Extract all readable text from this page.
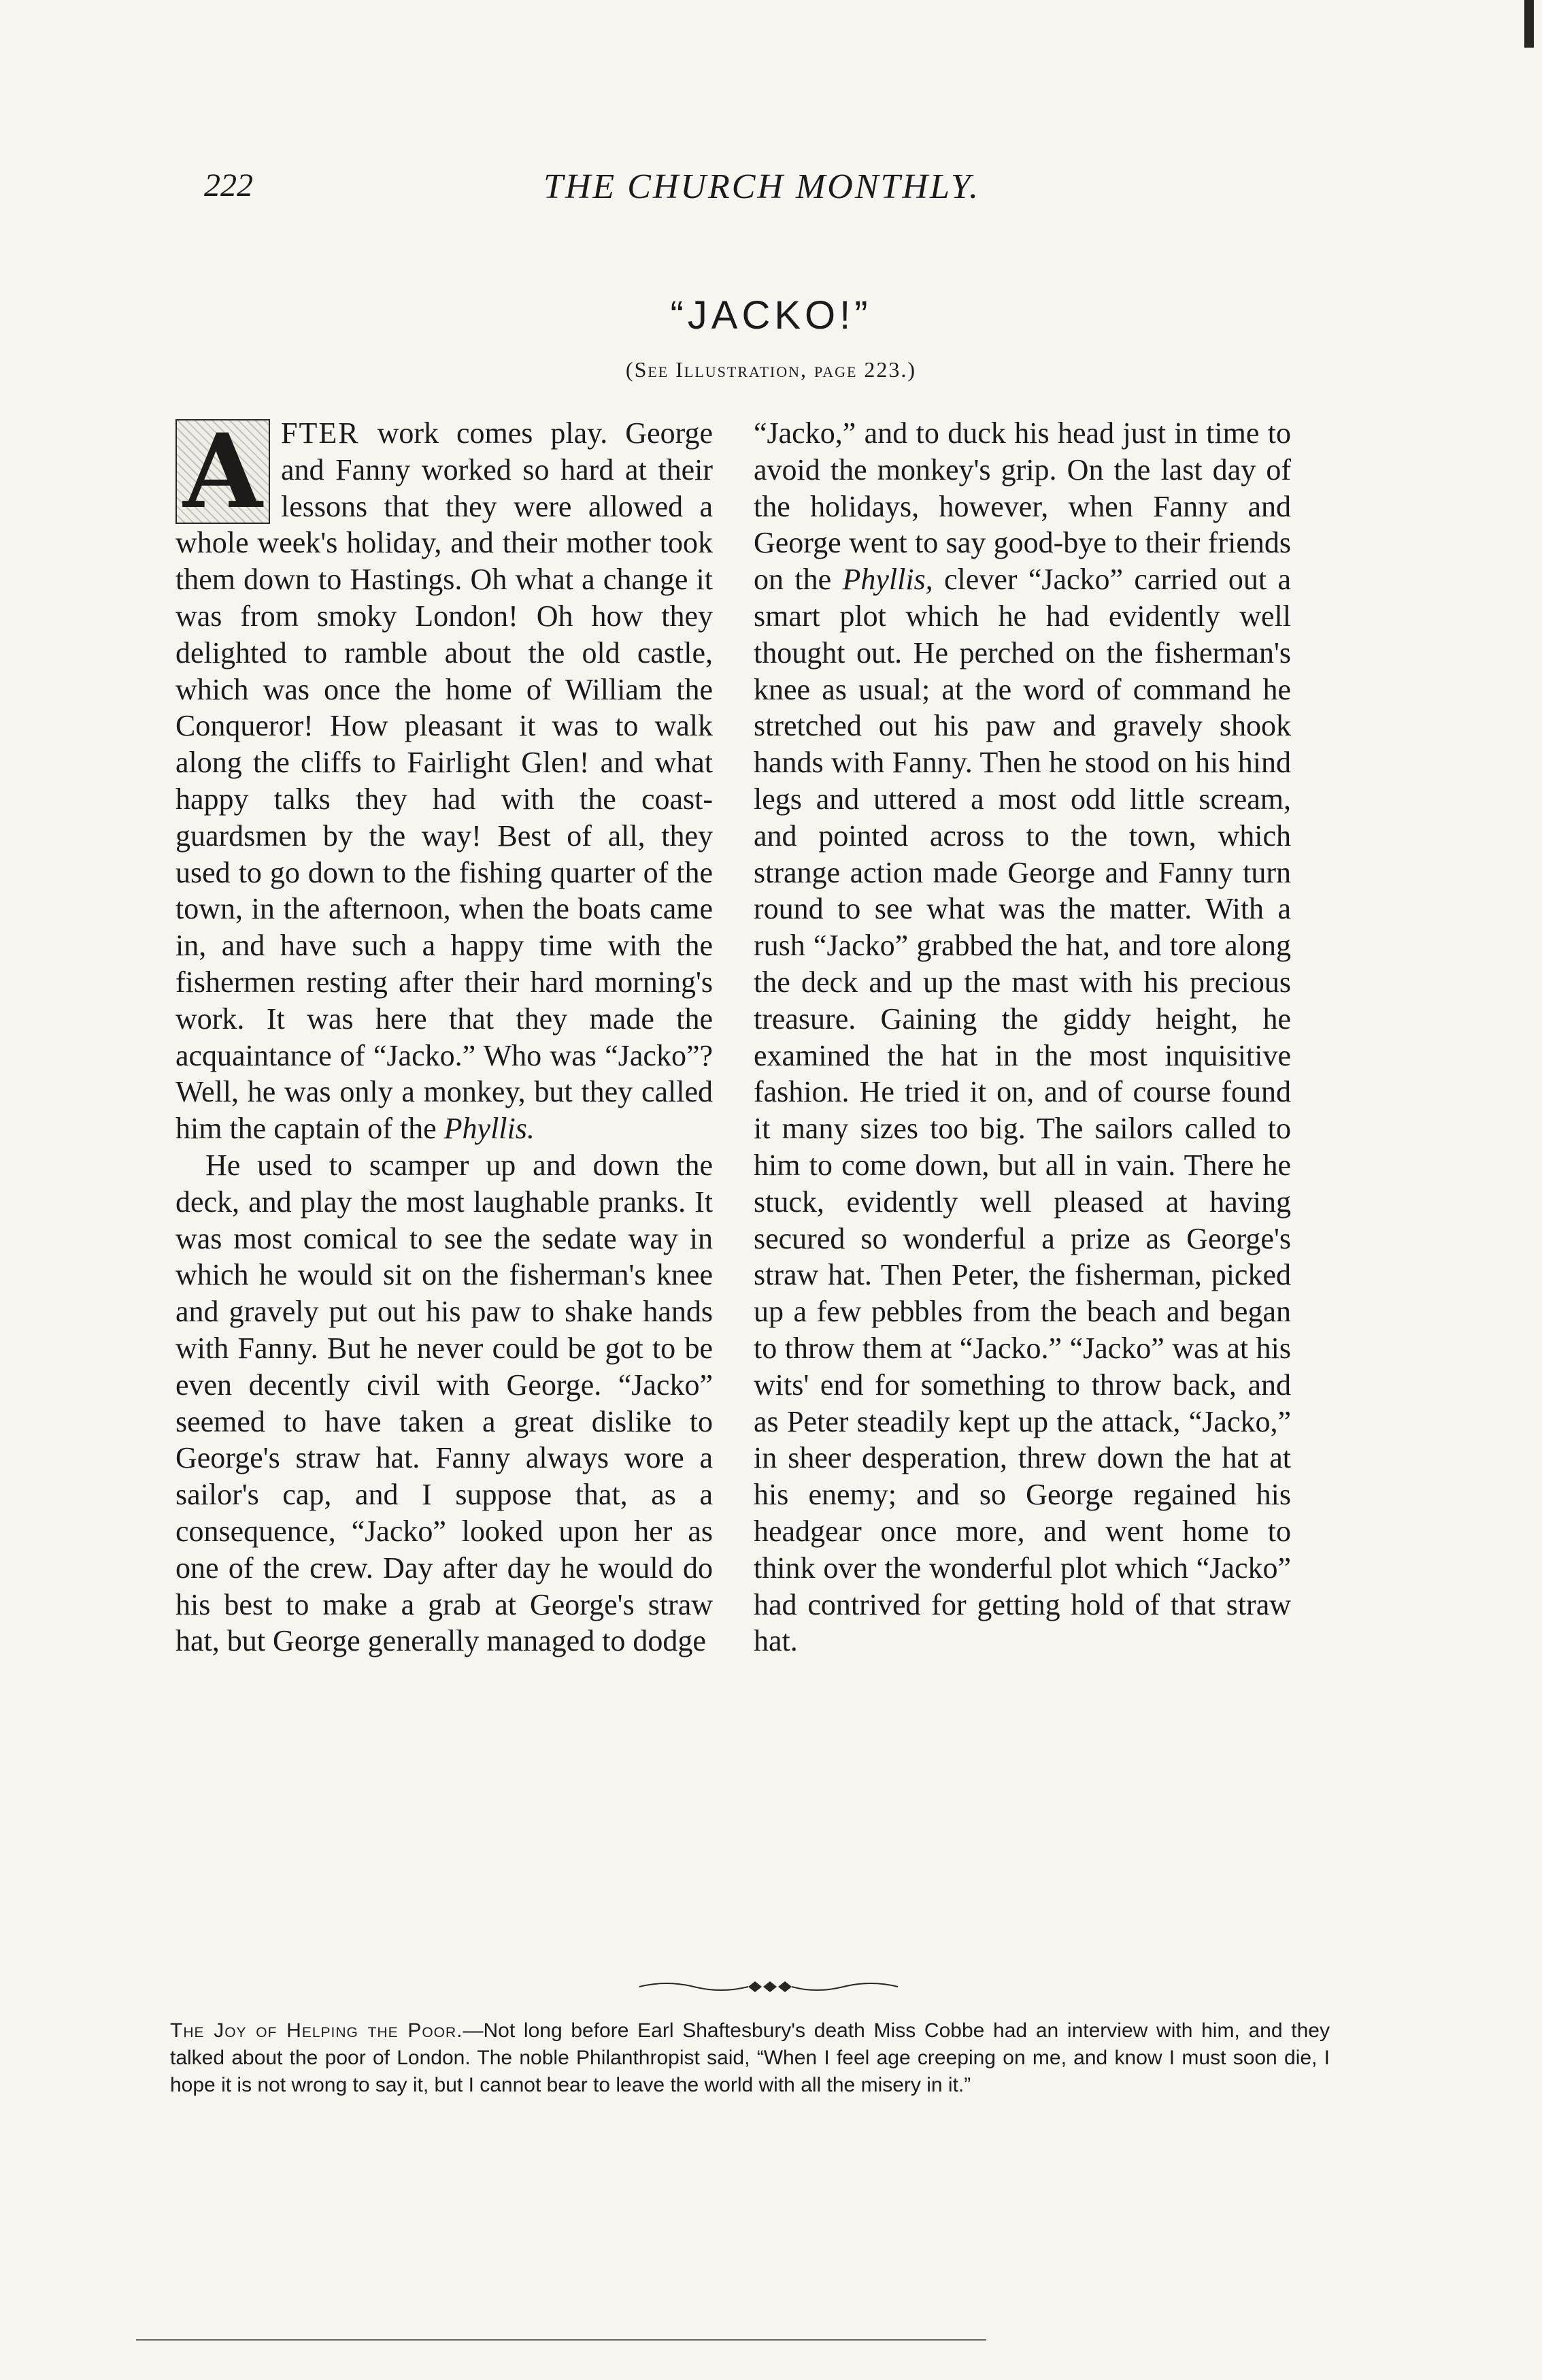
222	THE CHURCH MONTHLY.
“JACKO!”
(See Illustration, page 223.)

A FTER work comes play. George and Fanny worked so hard at their lessons that they were allowed a whole week's holiday, and their mother took them down to Hastings. Oh what a change it was from smoky London! Oh how they delighted to ramble about the old castle, which was once the home of William the Conqueror! How pleasant it was to walk along the cliffs to Fairlight Glen! and what happy talks they had with the coast-guardsmen by the way! Best of all, they used to go down to the fishing quarter of the town, in the afternoon, when the boats came in, and have such a happy time with the fishermen resting after their hard morning's work. It was here that they made the acquaintance of “Jacko.” Who was “Jacko”? Well, he was only a monkey, but they called him the captain of the Phyllis.

He used to scamper up and down the deck, and play the most laughable pranks. It was most comical to see the sedate way in which he would sit on the fisherman's knee and gravely put out his paw to shake hands with Fanny. But he never could be got to be even decently civil with George. “Jacko” seemed to have taken a great dislike to George's straw hat. Fanny always wore a sailor's cap, and I suppose that, as a consequence, “Jacko” looked upon her as one of the crew. Day after day he would do his best to make a grab at George's straw hat, but George generally managed to dodge

“Jacko,” and to duck his head just in time to avoid the monkey's grip. On the last day of the holidays, however, when Fanny and George went to say good-bye to their friends on the Phyllis, clever “Jacko” carried out a smart plot which he had evidently well thought out. He perched on the fisherman's knee as usual; at the word of command he stretched out his paw and gravely shook hands with Fanny. Then he stood on his hind legs and uttered a most odd little scream, and pointed across to the town, which strange action made George and Fanny turn round to see what was the matter. With a rush “Jacko” grabbed the hat, and tore along the deck and up the mast with his precious treasure. Gaining the giddy height, he examined the hat in the most inquisitive fashion. He tried it on, and of course found it many sizes too big. The sailors called to him to come down, but all in vain. There he stuck, evidently well pleased at having secured so wonderful a prize as George's straw hat. Then Peter, the fisherman, picked up a few pebbles from the beach and began to throw them at “Jacko.” “Jacko” was at his wits' end for something to throw back, and as Peter steadily kept up the attack, “Jacko,” in sheer desperation, threw down the hat at his enemy; and so George regained his headgear once more, and went home to think over the wonderful plot which “Jacko” had contrived for getting hold of that straw hat.

The Joy of Helping the Poor.—Not long before Earl Shaftesbury's death Miss Cobbe had an interview with him, and they talked about the poor of London. The noble Philanthropist said, “When I feel age creeping on me, and know I must soon die, I hope it is not wrong to say it, but I cannot bear to leave the world with all the misery in it.”
